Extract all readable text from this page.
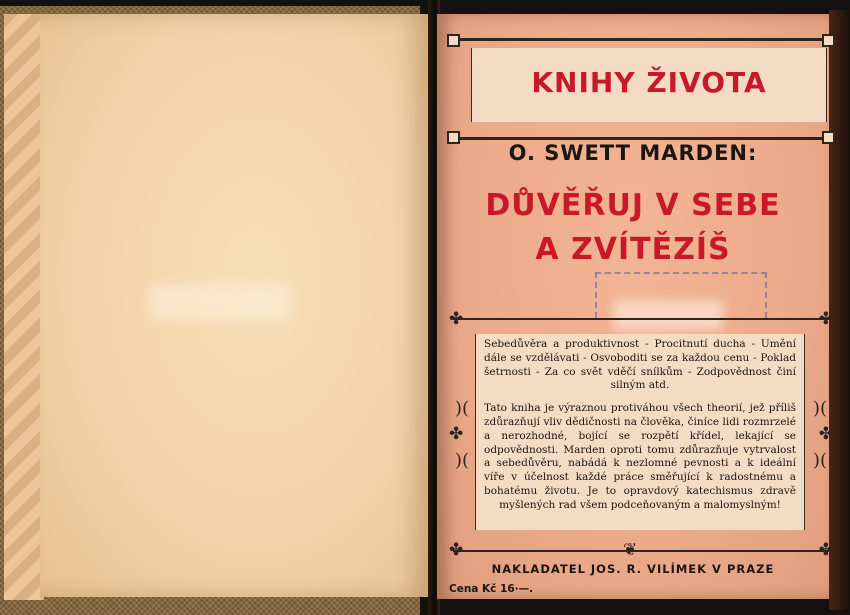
KNIHY ŽIVOTA
O. SWETT MARDEN:
DŮVĚŘUJ V SEBE
A ZVÍTĚZÍŠ
✤	✤
✤	✤
✤	✤
❦
)(
)(
)(
)(

Sebedůvěra a produktivnost - Procitnutí ducha - Umění dále se vzdělávati - Osvoboditi se za každou cenu - Poklad šetrnosti - Za co svět vděčí snílkům - Zodpovědnost činí silným atd.

Tato kniha je výraznou protiváhou všech theorií, jež příliš zdůrazňují vliv dědičnosti na člověka, činíce lidi rozmrzelé a nerozhodné, bojící se rozpětí křídel, lekající se odpovědnosti. Marden oproti tomu zdůrazňuje vytrvalost a sebedůvěru, nabádá k nezlomné pevnosti a k ideální víře v účelnost každé práce směřující k radostnému a bohatému životu. Je to opravdový katechismus zdravě myšlených rad všem podceňovaným a malomyslným!

NAKLADATEL JOS. R. VILÍMEK V PRAZE
Cena Kč 16·—.
